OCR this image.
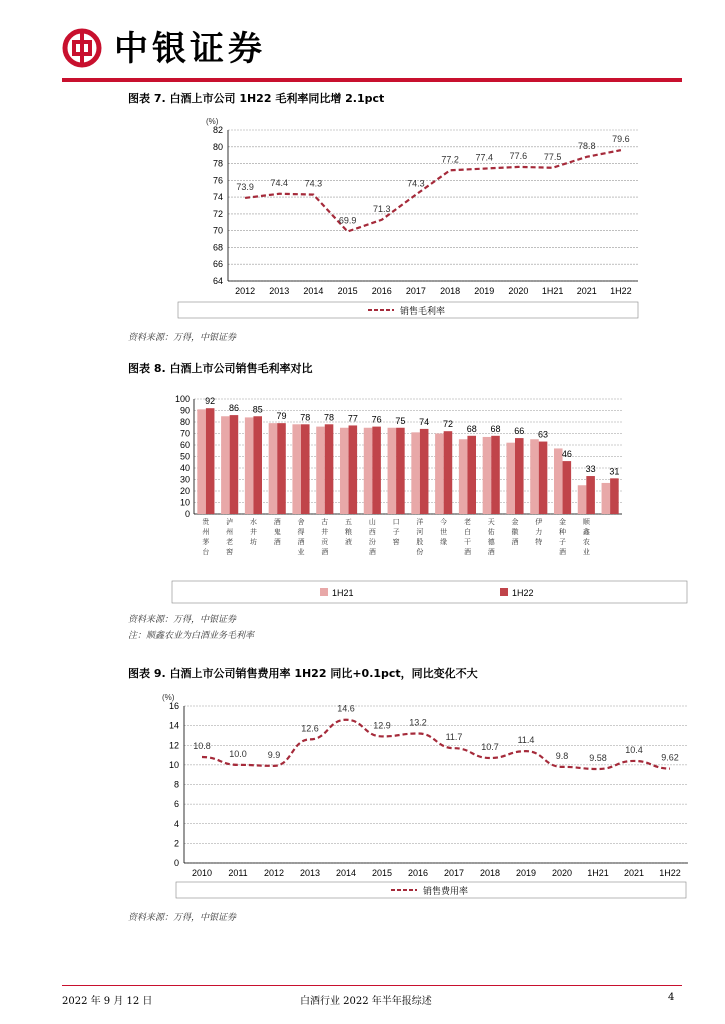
中银证券
图表 7. 白酒上市公司 1H22 毛利率同比增 2.1pct
(%)
64
66
68
70
72
74
76
78
80
82
2012 2013 2014 2015 2016 2017 2018 2019 2020 1H21 2021 1H22
73.9 74.4 74.3
69.9
71.3
74.3
77.2 77.4 77.6 77.5
78.8
79.6
销售毛利率
资料来源：万得，中银证券
图表 8. 白酒上市公司销售毛利率对比
0
10
20
30
40
50
60
70
80
90
100 92
贵州茅台
86
泸州老窖
85
水井坊
79
酒鬼酒
78
舍得酒业
78
古井贡酒
77
五粮液
76
山西汾酒
75
口子窖
74
洋河股份
72
今世缘
68
老白干酒
68
天佑德酒
66
金徽酒
63
伊力特
46
金种子酒
33
顺鑫农业
31
1H21	1H22
资料来源：万得，中银证券
注：顺鑫农业为白酒业务毛利率
图表 9. 白酒上市公司销售费用率 1H22 同比+0.1pct，同比变化不大
(%)
0
2
4
6
8
10
12
14
16
2010 2011 2012 2013 2014 2015 2016 2017 2018 2019 2020 1H21 2021 1H22
10.8
10.0 9.9
12.6
14.6
12.9 13.2
11.7
10.7
11.4
9.8 9.58
10.4
9.62
销售费用率
资料来源：万得，中银证券
2022 年 9 月 12 日	白酒行业 2022 年半年报综述	4
